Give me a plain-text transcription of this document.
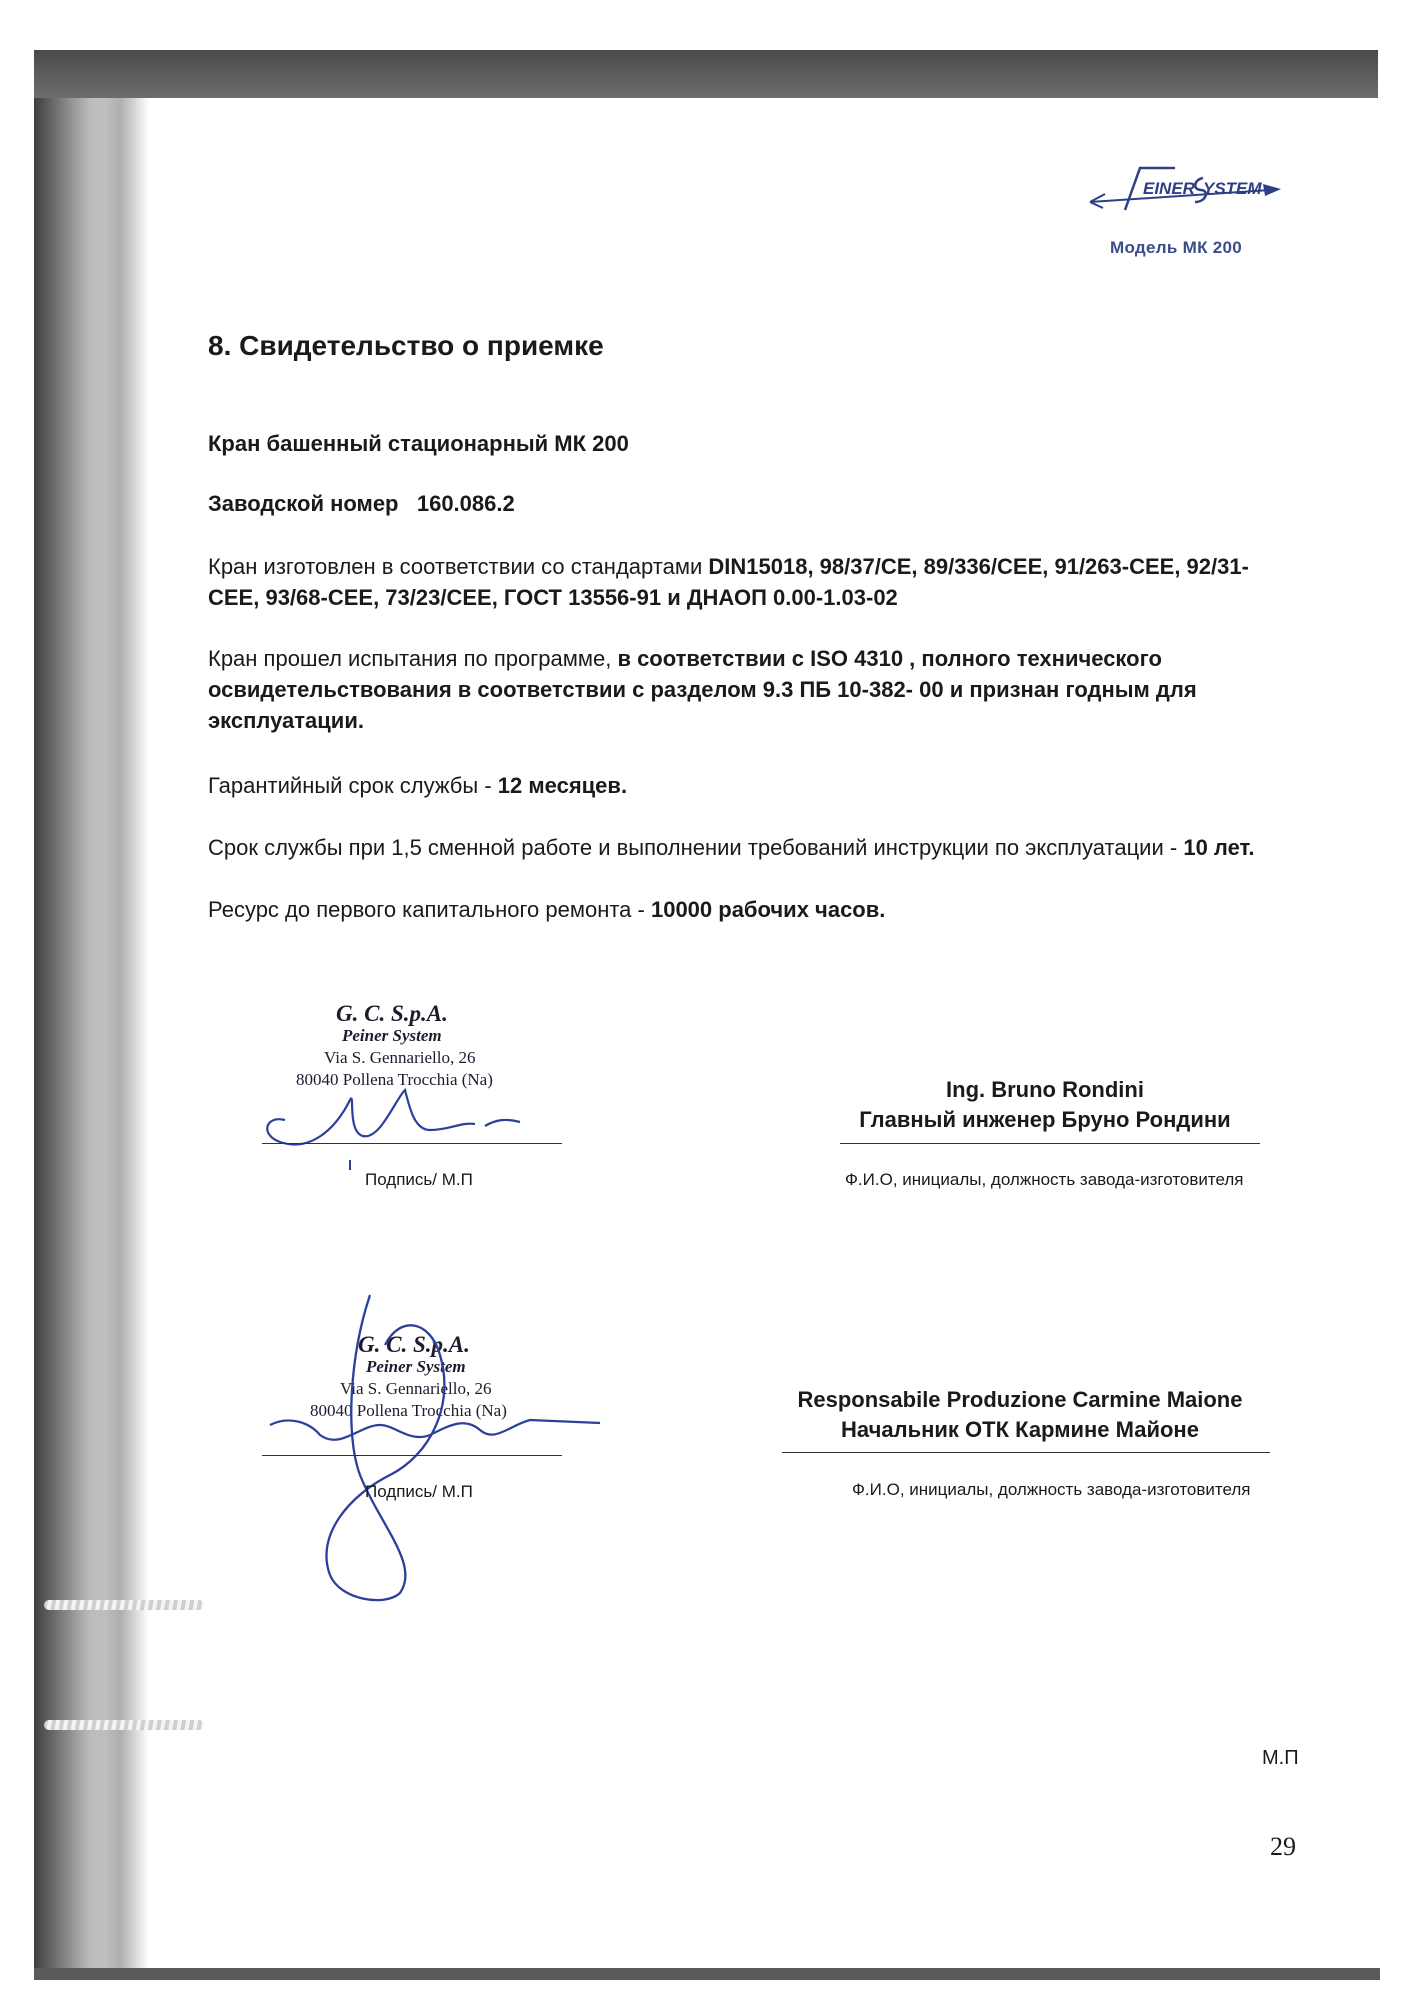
EINER YSTEM
Модель МК 200
8. Свидетельство о приемке
Кран башенный стационарный МК 200
Заводской номер 160.086.2
Кран изготовлен в соответствии со стандартами DIN15018, 98/37/CE, 89/336/CEE, 91/263-CEE, 92/31-
CEE, 93/68-CEE, 73/23/CEE, ГОСТ 13556-91 и ДНАОП 0.00-1.03-02
Кран прошел испытания по программе, в соответствии с ISO 4310 , полного технического
освидетельствования в соответствии с разделом 9.3 ПБ 10-382- 00 и признан годным для
эксплуатации.
Гарантийный срок службы - 12 месяцев.
Срок службы при 1,5 сменной работе и выполнении требований инструкции по эксплуатации - 10 лет.
Ресурс до первого капитального ремонта - 10000 рабочих часов.
G. C. S.p.A.
Peiner System
Via S. Gennariello, 26
80040 Pollena Trocchia (Na)
Подпись/ М.П
Ing. Bruno Rondini
Главный инженер Бруно Рондини
Ф.И.О, инициалы, должность завода-изготовителя
G. C. S.p.A.
Peiner System
Via S. Gennariello, 26
80040 Pollena Trocchia (Na)
Подпись/ М.П
Responsabile Produzione Carmine Maione
Начальник ОТК Кармине Майоне
Ф.И.О, инициалы, должность завода-изготовителя
М.П
29
